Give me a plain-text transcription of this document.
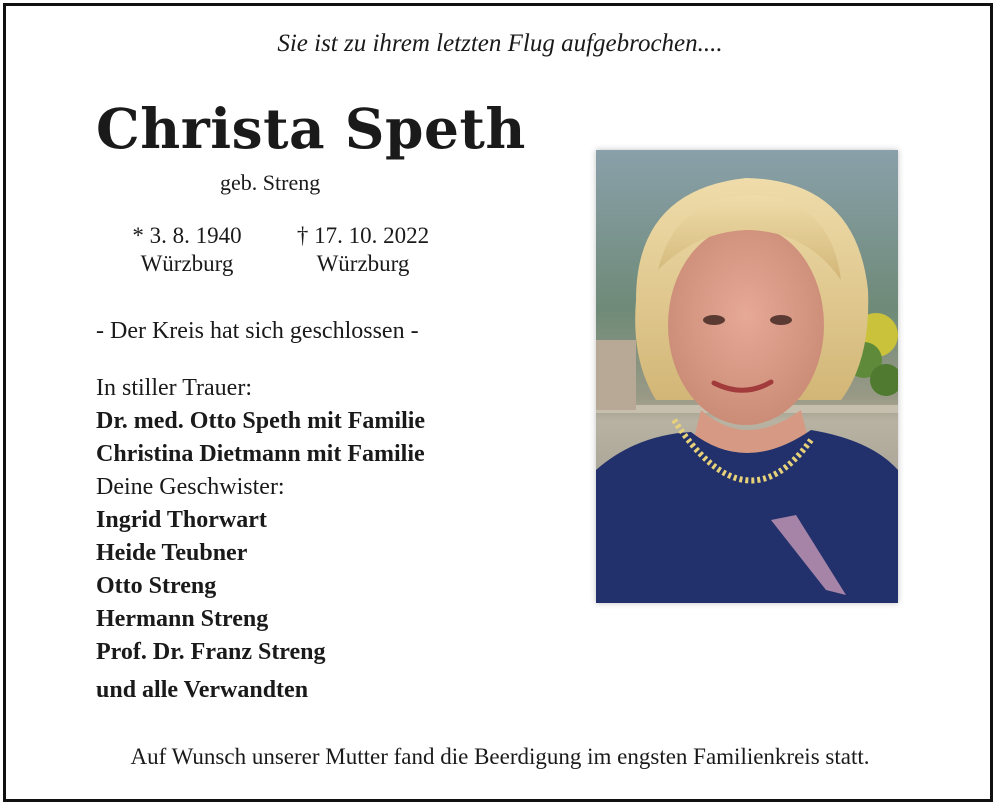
Sie ist zu ihrem letzten Flug aufgebrochen....
Christa Speth
geb. Streng
* 3. 8. 1940
Würzburg
† 17. 10. 2022
Würzburg
- Der Kreis hat sich geschlossen -
In stiller Trauer:
Dr. med. Otto Speth mit Familie
Christina Dietmann mit Familie
Deine Geschwister:
Ingrid Thorwart
Heide Teubner
Otto Streng
Hermann Streng
Prof. Dr. Franz Streng
und alle Verwandten
Auf Wunsch unserer Mutter fand die Beerdigung im engsten Familienkreis statt.
